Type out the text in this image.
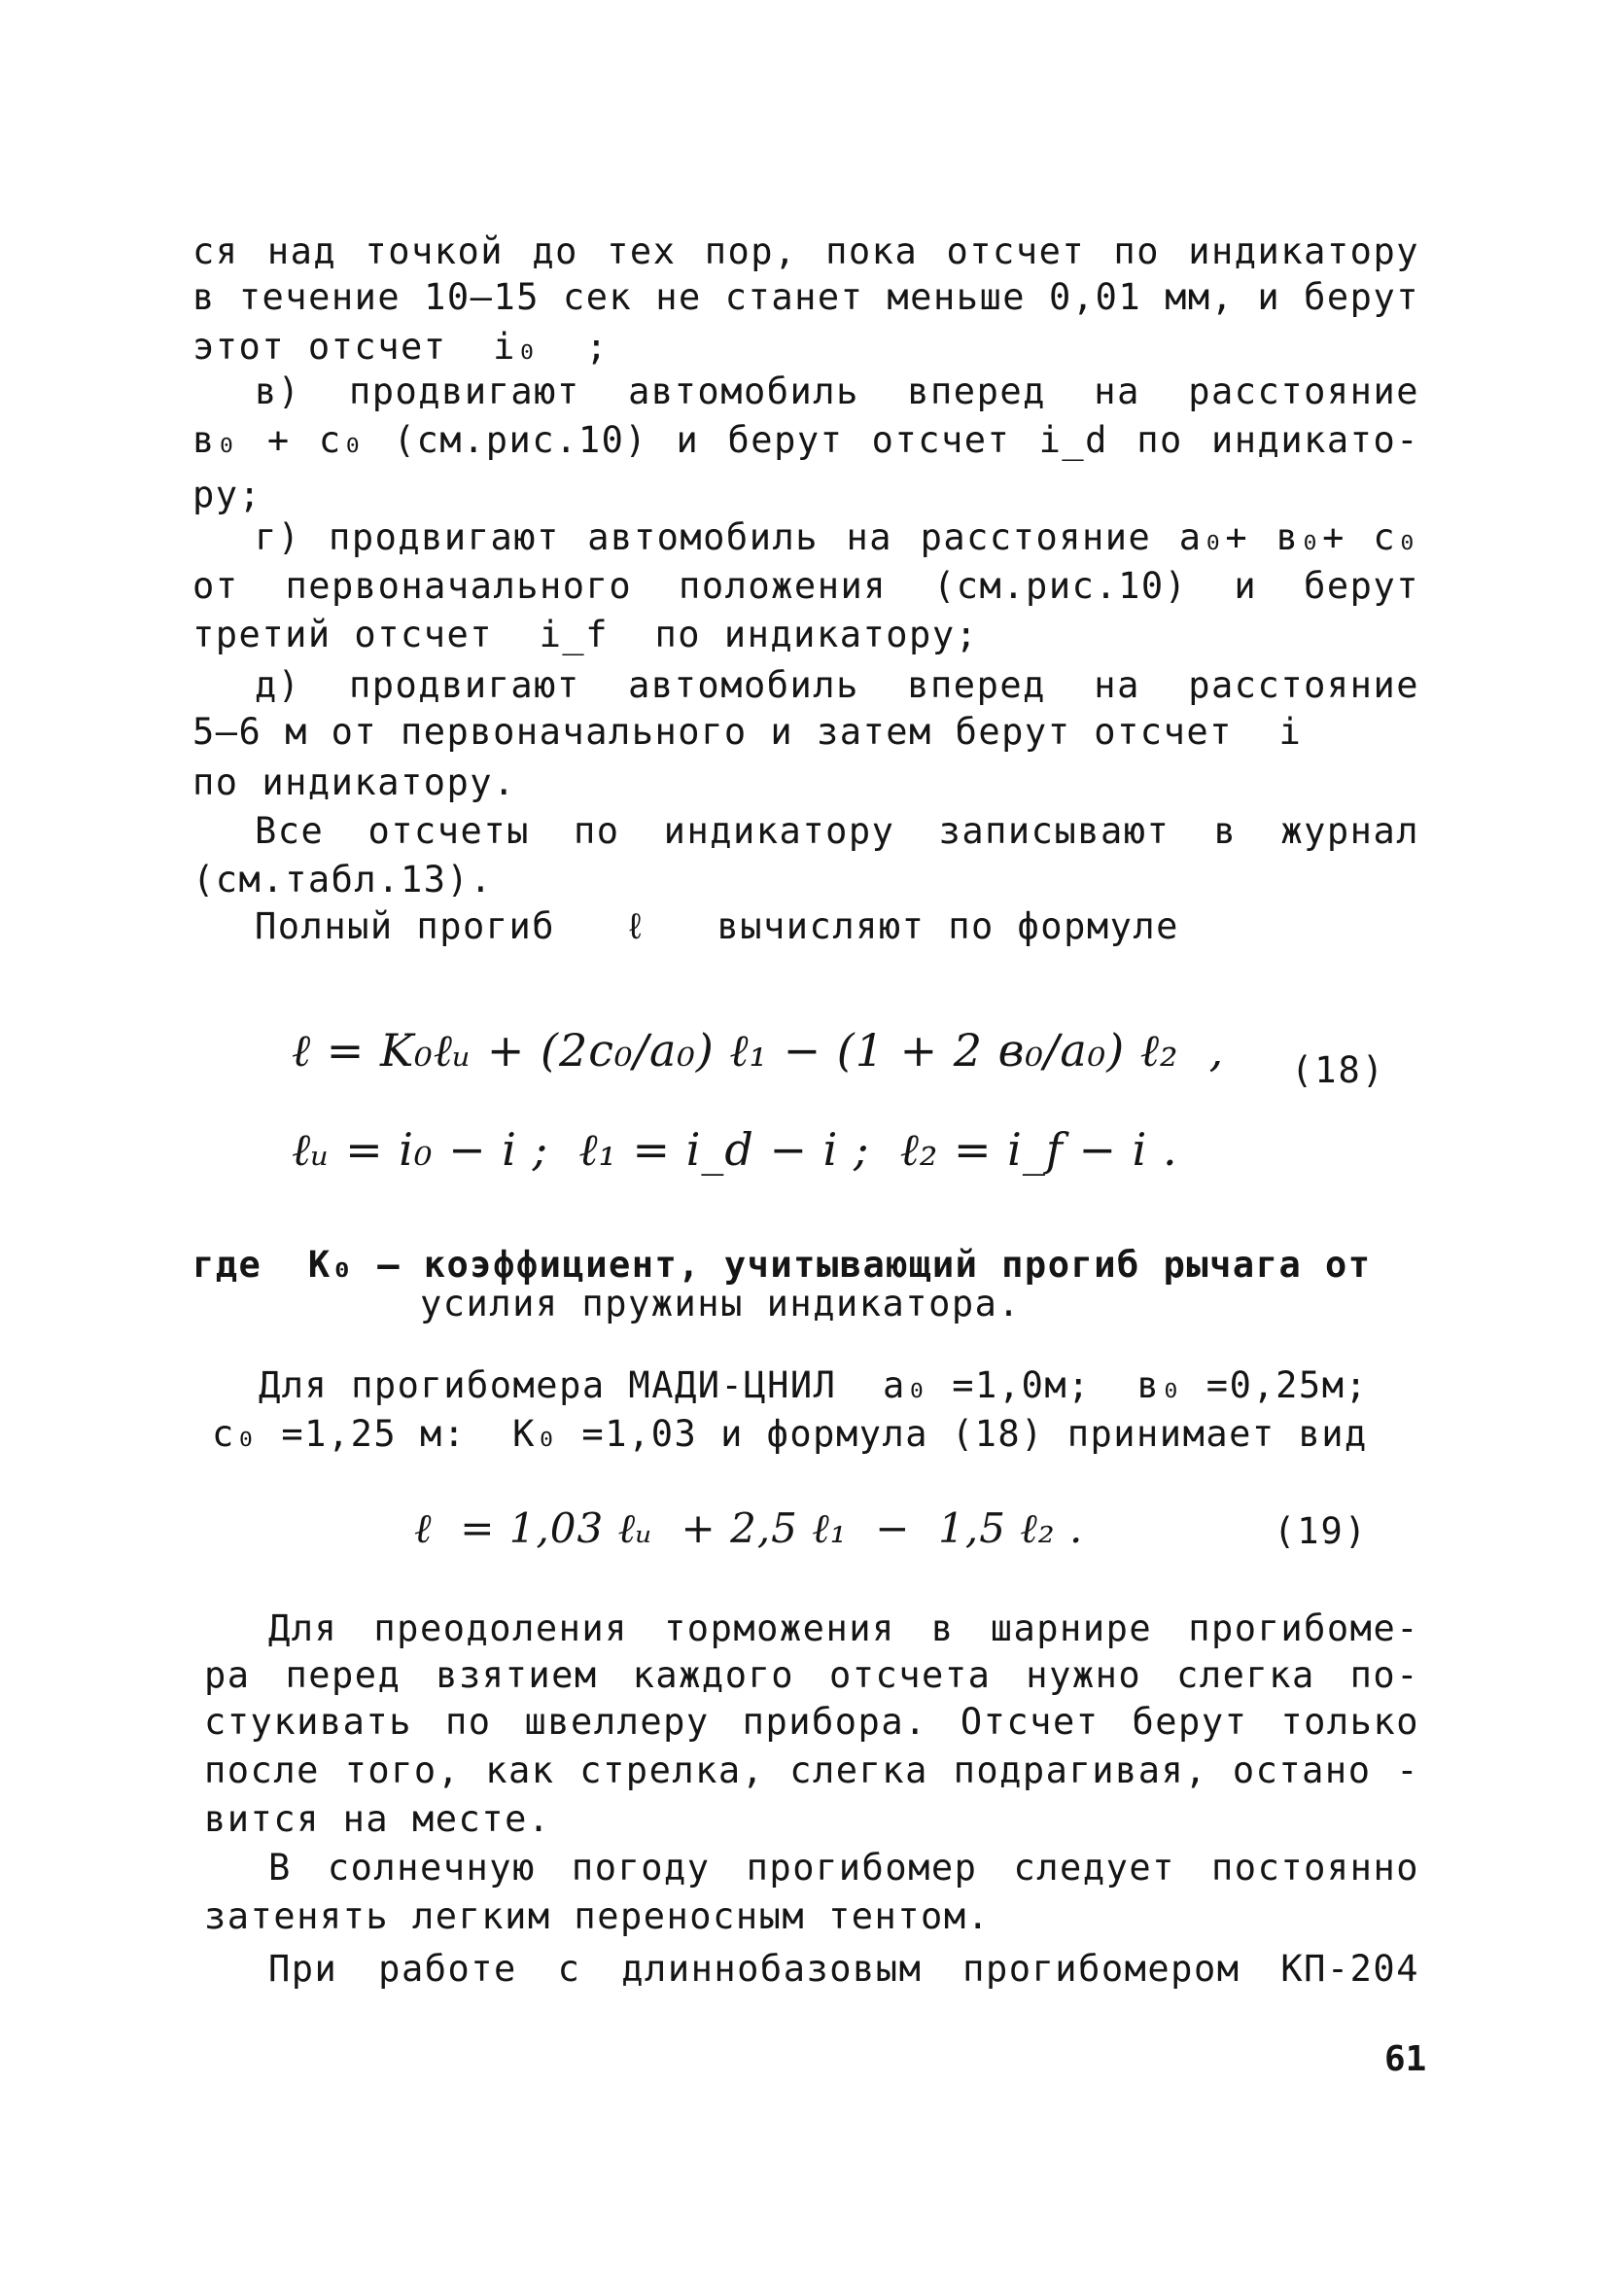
ся над точкой до тех пор, пока отсчет по индикатору
в течение 10–15 сек не станет меньше 0,01 мм, и берут
этот отсчет  i₀  ;
в) продвигают автомобиль вперед на расстояние
в₀ + c₀ (см.рис.10) и берут отсчет i_d по индикато-
ру;
г) продвигают автомобиль на расстояние a₀+ в₀+ c₀
от первоначального положения (см.рис.10) и берут
третий отсчет  i_f  по индикатору;
д) продвигают автомобиль вперед на расстояние
5–6 м от первоначального и затем берут отсчет  i
по индикатору.
Все отсчеты по индикатору записывают в журнал
(см.табл.13).
Полный прогиб   ℓ   вычисляют по формуле
ℓ = K₀ℓᵤ + (2c₀/a₀) ℓ₁ − (1 + 2 в₀/a₀) ℓ₂  , (18)
ℓᵤ = i₀ − i ;  ℓ₁ = i_d − i ;  ℓ₂ = i_f − i .
где  K₀ – коэффициент, учитывающий прогиб рычага от
усилия пружины индикатора.
Для прогибомера МАДИ-ЦНИЛ  a₀ =1,0м;  в₀ =0,25м;
c₀ =1,25 м:  K₀ =1,03 и формула (18) принимает вид
ℓ  = 1,03 ℓᵤ  + 2,5 ℓ₁  −  1,5 ℓ₂ .	(19)
Для преодоления торможения в шарнире прогибоме-
ра перед взятием каждого отсчета нужно слегка по-
стукивать по швеллеру прибора. Отсчет берут только
после того, как стрелка, слегка подрагивая, остано -
вится на месте.
В солнечную погоду прогибомер следует постоянно
затенять легким переносным тентом.
При работе с длиннобазовым прогибомером КП-204
61
